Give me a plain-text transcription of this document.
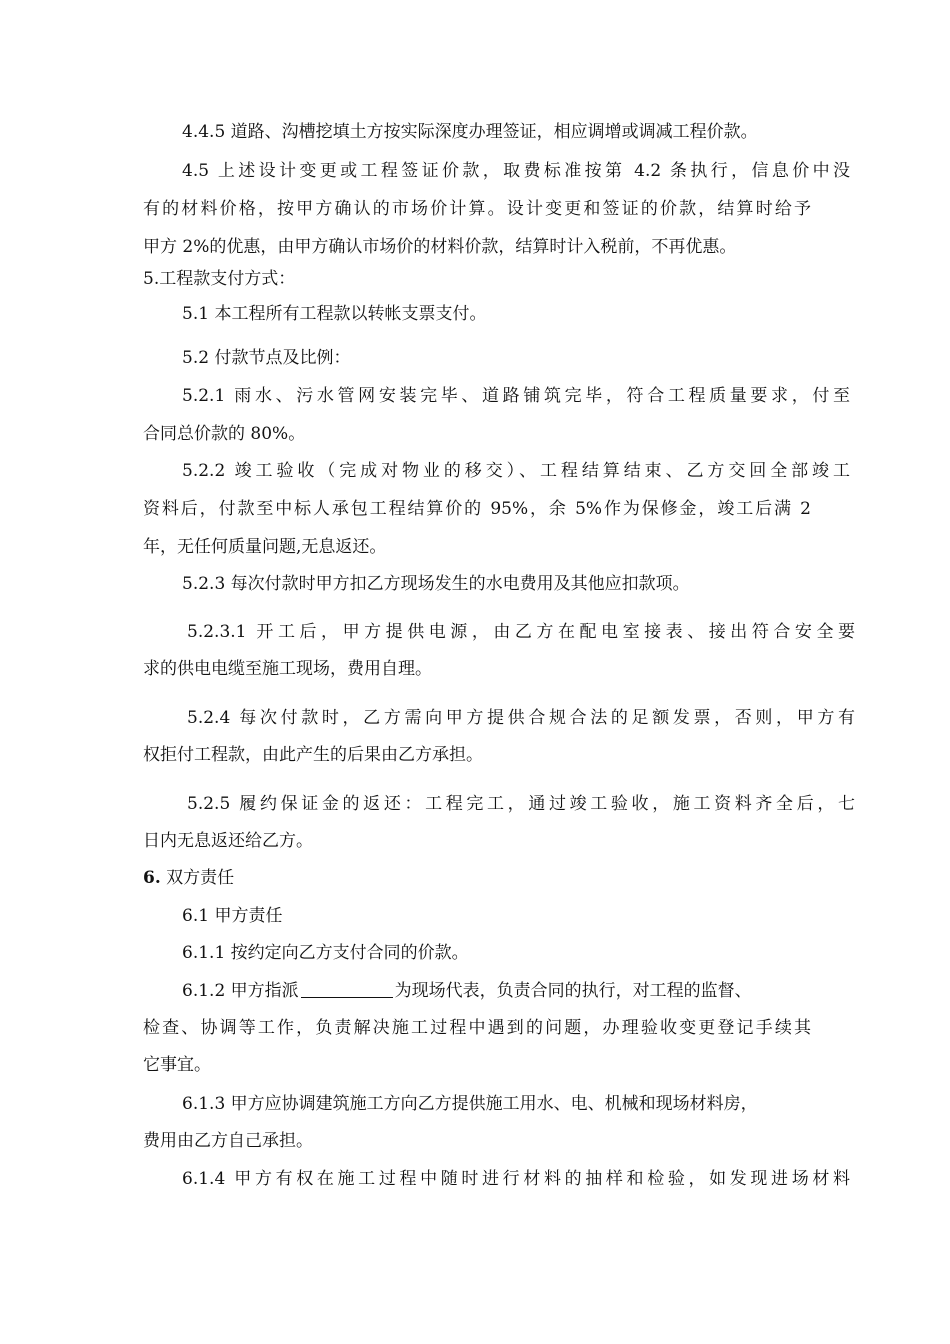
4.4.5 道路、沟槽挖填土方按实际深度办理签证，相应调增或调减工程价款。
4.5 上述设计变更或工程签证价款，取费标准按第 4.2 条执行，信息价中没
有的材料价格，按甲方确认的市场价计算。设计变更和签证的价款，结算时给予
甲方 2%的优惠，由甲方确认市场价的材料价款，结算时计入税前，不再优惠。
5.工程款支付方式：
5.1 本工程所有工程款以转帐支票支付。
5.2 付款节点及比例：
5.2.1 雨水、污水管网安装完毕、道路铺筑完毕，符合工程质量要求，付至
合同总价款的 80%。
5.2.2 竣工验收（完成对物业的移交）、工程结算结束、乙方交回全部竣工
资料后，付款至中标人承包工程结算价的 95%，余 5%作为保修金，竣工后满 2
年，无任何质量问题,无息返还。
5.2.3 每次付款时甲方扣乙方现场发生的水电费用及其他应扣款项。
5.2.3.1 开工后，甲方提供电源，由乙方在配电室接表、接出符合安全要
求的供电电缆至施工现场，费用自理。
5.2.4 每次付款时，乙方需向甲方提供合规合法的足额发票，否则，甲方有
权拒付工程款，由此产生的后果由乙方承担。
5.2.5 履约保证金的返还：工程完工，通过竣工验收，施工资料齐全后，七
日内无息返还给乙方。
6. 双方责任
6.1 甲方责任
6.1.1 按约定向乙方支付合同的价款。
6.1.2 甲方指派	为现场代表，负责合同的执行，对工程的监督、
检查、协调等工作，负责解决施工过程中遇到的问题，办理验收变更登记手续其
它事宜。
6.1.3 甲方应协调建筑施工方向乙方提供施工用水、电、机械和现场材料房，
费用由乙方自己承担。
6.1.4 甲方有权在施工过程中随时进行材料的抽样和检验，如发现进场材料
